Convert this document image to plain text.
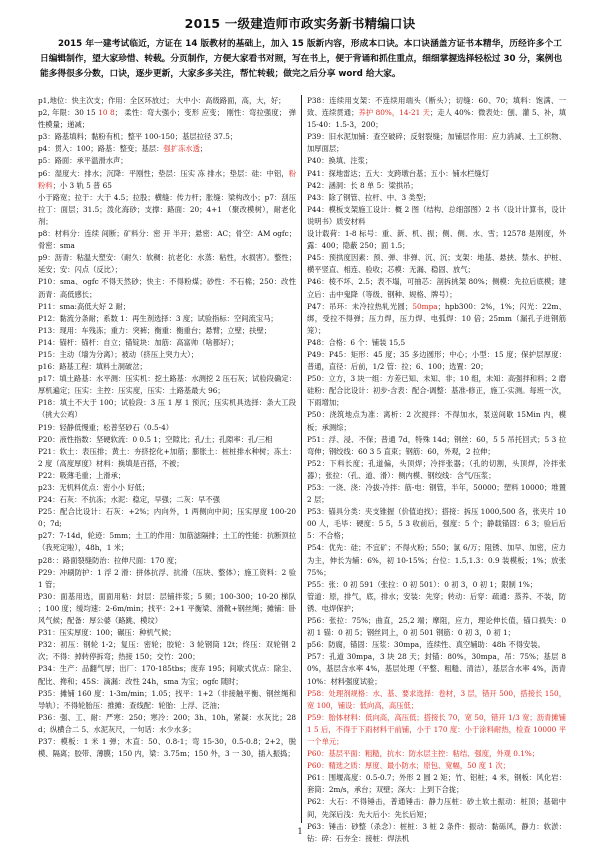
2015 一级建造师市政实务新书精编口诀
2015 年一建考试临近，方证在 14 版教材的基础上，加入 15 版新内容，形成本口诀。本口诀涵盖方证书本精华，历经许多个工日编辑制作，望大家珍惜、转载。分页制作，方便大家看书对照，写在书上，便于背诵和抓住重点，细细掌握选择轻松过 30 分，案例也能多得很多分数，口诀，逐步更新，大家多多关注，帮忙转载；做完之后分享 word 给大家。

p1,地位：快主次支；作用：全区环放过； 大中小：高级路面，高，大，好；

p2, 年限：30 15 10 8； 柔性：弯大强小；变形 应变； 刚性：弯拉强度； 弹性模量；递减；

p3：路基填料；黏粉有机；整平 100-150；基层拉径 37.5；

p4：贯入：100；路基：整变；基层：强扩冻水透；

p5：路面：承平温滑水声；

p6：湿度大：排水；沉降：平刚性；垫层：压实 冻 排水；垫层：硅：中铝，粉粉料；小 3 轨 5 普 65

小于路宽；拉于：大于 4.5；拉股；横缝：传力杆；胀缝：梁构改小；p7：刮压拉丁：面层；31.5；泼化海砂；支撑：路面：20；4+1 （聚改模树），耐老化剂；

p8：材料分：连续 间断；矿料分：密 开 半开；悬密：AC；骨空：AM ogfc； 骨密：sma

p9：沥青：粘温大塑安：（耐久：软稠：抗老化：水蒸：粘性，水损害）。整性；延安；安：闪点（反比）；

P10：sma、ogfc 不得天然砂；快主：不得粉煤；砂性：不石棉；250：改性沥青：高低感长；

P11：sma:高低大好 2 耐；

P12：黏流分条耐；系数 1：再生剂选择：3 度；试验指标：空间流宝马；

P13：现用：车残冻；重力：突裤；衡重：衡重台；悬臂；立壁；扶壁；

P14：锚杆：锚杆：自立；锚锭块：加筋：高富帅（啥都好）；

P15：主动（墙为分离）；被动（挤压上突力大）；

p16：路基工程：填料土洞破岔；

p17：填土路基：水平测：压实机：挖土路基：水测挖 2 压石灰；试验段确定：厚机遍定；压实：主控：压实度，压实：土路基最大 96；

P18：填土不大于 100；试验段：3 压 1 厚 1 预沉；压实机具选择：条大工段（挑大公鸡）

P19：轻静低慢重；松普坚砂石（0.5-4）

P20：液性指数：坚硬软流：0 0.5 1；空隙比；孔/土；孔隙率：孔/三相

P21：软土：表压排；黄土：夯挤挖化+加筋；膨胀土：桩桩排水种树；冻土：2 度（高度厚度）材料：换填是百搭，不被；

P22：吸薄毛重；上滑承；

p23：无机料优点：密小小 好低；

P24：石灰：不抗冻；水泥：稳定，早强；二灰：早不强

P25：配合比设计：石灰：+2%；内向外，1 两侧向中间；压实厚度 100-200；7d;

p27：7-14d，轮迹：5mm；土工的作用：加筋滤隔排；土工的性能：抗断顶拉（我死定啦），48h，1 米；

p28：：路面裂缝防治：拉伸尺面：170 度；

P29：冲刷防护：1 浮 2 滑：拼体抗浮、抗滑（压块、整体）；施工资料：2 验 1 管；

P30：面基用选，面面用粘：封层：层铺拌浆；5 频；100-300；10-20 梯队 ；100 度；缓均速：2-6m/min；找平：2+1 平衡梁、滑靴+钢丝绳；摊铺：卧风气候；配备：厚公婆（路跳、模坟）

P31：压实厚度：100；碾压：种机气候；

P32：初压：钢轮 1-2；复压：密轮；胶轮：3 轮钢筒 12t；终压：双轮钢 2 次；不得：掉转停拆弯；热接 150；交竹：200；

P34：生产：品翻气厚；出厂：170-185tbs；废弃 195；间歇式优点：除尘、配比、搀和；45S：滴漏：改性 24h，sma 为宝；ogfc 随时；

P35：摊铺 160 度：1-3m/min；1.05；找平：1+2（非接触平衡、钢丝绳和导轨）；不得轮胎压：推摊：查线配：轮胎：上浮、泛油；

P36：强、工、耐：严寒：250；寒冷：200；3h、10h，紧凝：水灰比；28d；纵横合二 5、水泥灰尺，一句话：水少水多；

P37：模板：1 米 1 弹；木直：50、0.8-1；弯 15-30，0.5-0.8；2+2，脱模、隔离；胶带、薄膜；150 内，梁：3.75m；150 外，3 一 30，插入振捣；

P38：连续用支架：不连续用端头（断头）；切缝：60、70；填料：饱满、一致、连续贯通；养护 80%，14-21 天；走人 40%：微表处：刨、灌 5、补，填 15-40：1.5-3，200；

P39：旧水泥加铺：查空破碎；反射裂缝；加铺层作用：应力消减、土工织物、加厚面层；

P40：换填、注浆；

P41：探地雷达；五大：支跨墩台基；五小：铺水栏缝灯

P42：涵洞：长 8 单 5：梁拱吊；

P43：除了钢管、拉杆、中、3 类型；

P44：模板支架施工设计：概 2 图（结构、总细部图）2 书（设计计算书，设计说明书）质安材料

设计载荷：1-8 标号：重、新、机、振；侧、侧、水、雪；12578 是刚度，外露：400；隐蔽 250；面 1.5；

P45：预拱度因素：预、弹、非弹、沉、沉；支架：地基、悬挟、禁水、护桩、横平竖直、相连、验收；芯模：无漏、稳固、放气；

P46：棱不坏、2.5；表不塌，可抽芯：剖拆挑架 80%；侧模：先拉后底模；建立后：击中鬼降（等级、钢种、规格、牌号）；

P47：吊环：未冷拉热轧光圆；50mpa；hpb300：2%，1%；闪光：22m、绑，受拉不得弹；压力焊，压力焊、电弧焊：10 倍；25mm（漏孔子进钢筋笼）；

P48：合格：6 个：铺装 15,5

P49：P45：矩形：45 度；35 多边圆形；中心；小型：15 度；保护层厚度：普通，直径：后前，1/2 管：拉；6、100；选置：20；

P50：立方，3 块一组：方差已知、未知、非；10 组，未知：高强拌和料；2 磨硅粉：配合比设计：初步-含表：配合-调整：基准-修正，施工-实测。每班一次，下雨增加；

P50：浇筑地点为准：离析：2 次搅拌：不得加水，泵送间歇 15Min 内，模板；承测综；

P51：浮、浸、不保；普通 7d，特殊 14d；钢丝：60，5 5 吊托回式；5 3 拉弯伸；钢绞线：60 3 5 直束；钢筋：60，外观，2 拉伸；

P52：下料长度；孔道偏，头顶焊；冷拌张器；（孔的切割，头顶焊，冷拌张器）；张拉：（孔、道、滑）：侧内模、钢绞线：含气/压浆；

P53：一浇、浇：冷拔-冷拌：筋-电：钢管，半年，50000；塑料 10000；堆置 2 层；

P53：锚具分类：夹支锥握（价值迫找）；搭接：拆压 1000,500 各，张夹片 1000 人，毛毕：硬度：5 5，5 3 收前后，强度：5 个；静载锚固：6 3；验后后 5：不合格；

P54：优先：硅；不宜矿；不得火粉；550；氯 6/万；阻锈、加早、加密，应力为主，伸长为辅：6%，初 10-15%；台位：1.5,1.3：0.9 装模板；1%；放张 75%；

P55：张：0 初 591（张拉：0 初 501）：0 初 3，0 初 1；限制 1%；

管道：原，排气，底，排水；安装：先穿；转动：后穿：疏通：蒸养、不装，防锈、电焊保护；

P56：张拉：75%；曲直，25,2 端；摩阻，应力，理论伸长值，锚口损失：0 初 1 锚：0 初 5；钢丝同上，0 初 501 钢筋：0 初 3，0 初 1；

p56：防腐，锚固：压浆：30mpa，连续性、真空辅助：48h 不得安装。

P57：孔道 30mpa，3 块 28 天；封锚：80%，30mpa，吊：75%；基层 80%，基层含水率 4%，基层处理（平整、粗糙、清洁），基层含水率 4%，沥青 10%：材料强度试验；

P58：处理剂规格：水、基、要求选择：卷材，3 层，错开 500，搭接长 150，宽 100，铺设：低向高，高压低；

P59：胎体材料：低向高，高压低；搭接长 70，宽 50，错开 1/3 宽；沥青摊铺 1 5 后，不得于下雨材料干前铺，小于 170 度：小于涂料耐热，检查 10000 平一个单元；

P60：基层平面：粗糙，抗水：防水层主控：粘结、强度，外观 0.1%；

P60：精选之质：厚度、最小防水；原包、宽幅，50 度 1 次；

P61：围堰高度：0.5-0.7；外形 2 圆 2 矩；竹、铝桩；4 米，钢板：风化岩：套筒：2m/s，承台；双壁；深大：上到下合拢；

P62：大石：不得锤击，普通锤击：静力压桩：砂土软土振动：桩顶；基础中间，先深后浅：先大后小：先长后短；

P63：锤击：砂整（杀念）：桩桩：3 桩 2 条件：振动：黏砾风，静力：软淤：钻：碎：石夯全：接桩：焊法机

1
